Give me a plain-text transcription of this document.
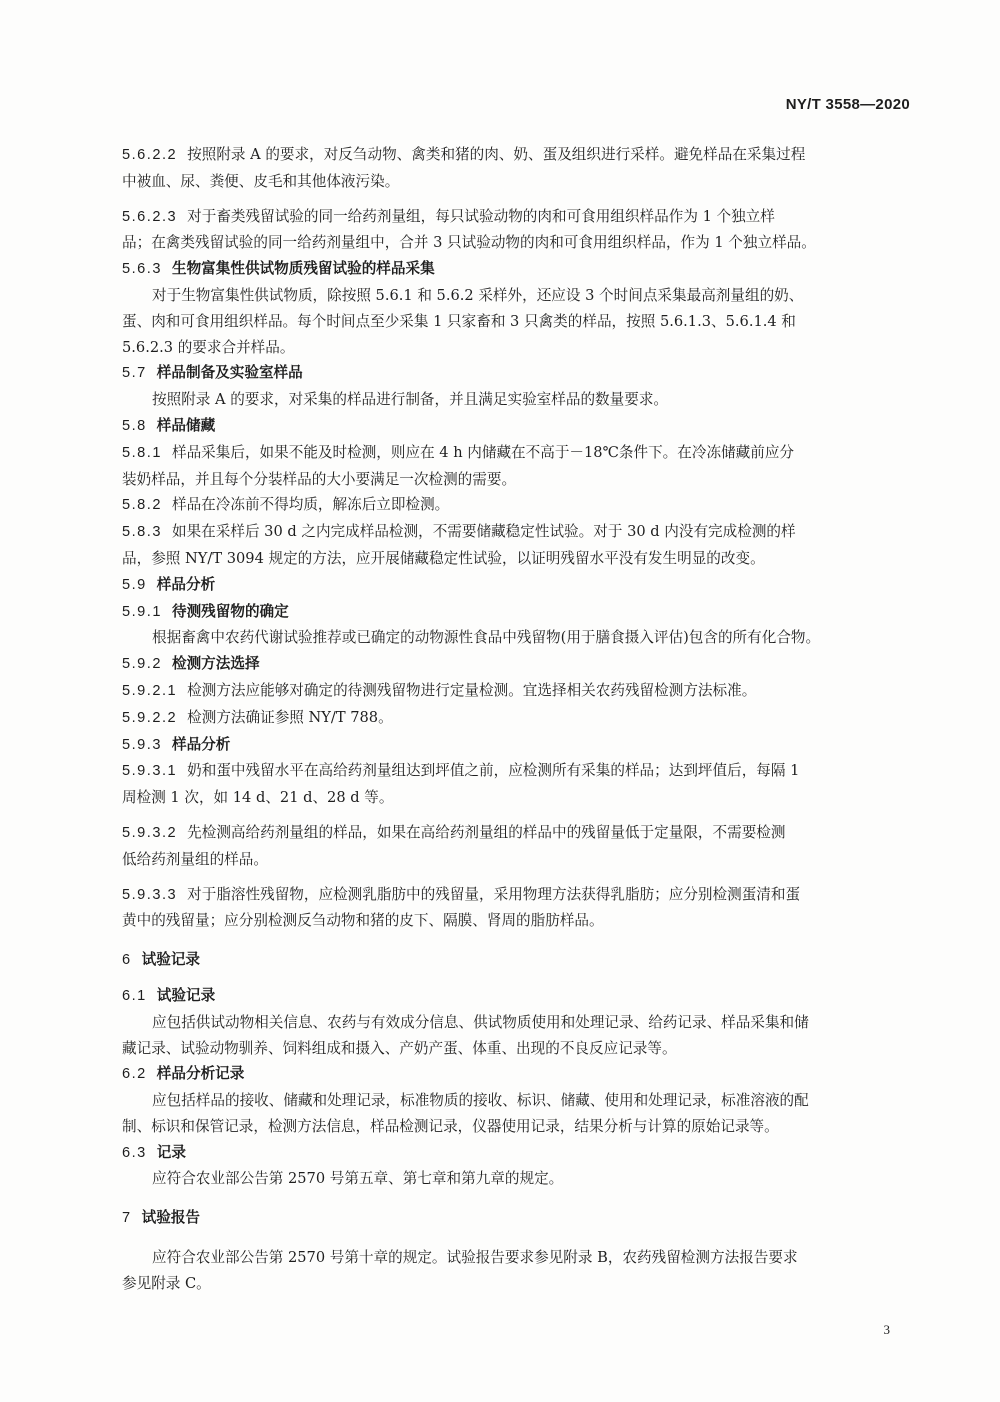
NY/T 3558—2020
5.6.2.2 按照附录 A 的要求，对反刍动物、禽类和猪的肉、奶、蛋及组织进行采样。避免样品在采集过程
中被血、尿、粪便、皮毛和其他体液污染。
5.6.2.3 对于畜类残留试验的同一给药剂量组，每只试验动物的肉和可食用组织样品作为 1 个独立样
品；在禽类残留试验的同一给药剂量组中，合并 3 只试验动物的肉和可食用组织样品，作为 1 个独立样品。
5.6.3 生物富集性供试物质残留试验的样品采集
对于生物富集性供试物质，除按照 5.6.1 和 5.6.2 采样外，还应设 3 个时间点采集最高剂量组的奶、
蛋、肉和可食用组织样品。每个时间点至少采集 1 只家畜和 3 只禽类的样品，按照 5.6.1.3、5.6.1.4 和
5.6.2.3 的要求合并样品。
5.7 样品制备及实验室样品
按照附录 A 的要求，对采集的样品进行制备，并且满足实验室样品的数量要求。
5.8 样品储藏
5.8.1 样品采集后，如果不能及时检测，则应在 4 h 内储藏在不高于－18℃条件下。在冷冻储藏前应分
装奶样品，并且每个分装样品的大小要满足一次检测的需要。
5.8.2 样品在冷冻前不得均质，解冻后立即检测。
5.8.3 如果在采样后 30 d 之内完成样品检测，不需要储藏稳定性试验。对于 30 d 内没有完成检测的样
品，参照 NY/T 3094 规定的方法，应开展储藏稳定性试验，以证明残留水平没有发生明显的改变。
5.9 样品分析
5.9.1 待测残留物的确定
根据畜禽中农药代谢试验推荐或已确定的动物源性食品中残留物(用于膳食摄入评估)包含的所有化合物。
5.9.2 检测方法选择
5.9.2.1 检测方法应能够对确定的待测残留物进行定量检测。宜选择相关农药残留检测方法标准。
5.9.2.2 检测方法确证参照 NY/T 788。
5.9.3 样品分析
5.9.3.1 奶和蛋中残留水平在高给药剂量组达到坪值之前，应检测所有采集的样品；达到坪值后，每隔 1
周检测 1 次，如 14 d、21 d、28 d 等。
5.9.3.2 先检测高给药剂量组的样品，如果在高给药剂量组的样品中的残留量低于定量限，不需要检测
低给药剂量组的样品。
5.9.3.3 对于脂溶性残留物，应检测乳脂肪中的残留量，采用物理方法获得乳脂肪；应分别检测蛋清和蛋
黄中的残留量；应分别检测反刍动物和猪的皮下、隔膜、肾周的脂肪样品。
6 试验记录
6.1 试验记录
应包括供试动物相关信息、农药与有效成分信息、供试物质使用和处理记录、给药记录、样品采集和储
藏记录、试验动物驯养、饲料组成和摄入、产奶产蛋、体重、出现的不良反应记录等。
6.2 样品分析记录
应包括样品的接收、储藏和处理记录，标准物质的接收、标识、储藏、使用和处理记录，标准溶液的配
制、标识和保管记录，检测方法信息，样品检测记录，仪器使用记录，结果分析与计算的原始记录等。
6.3 记录
应符合农业部公告第 2570 号第五章、第七章和第九章的规定。
7 试验报告
应符合农业部公告第 2570 号第十章的规定。试验报告要求参见附录 B，农药残留检测方法报告要求
参见附录 C。
3
